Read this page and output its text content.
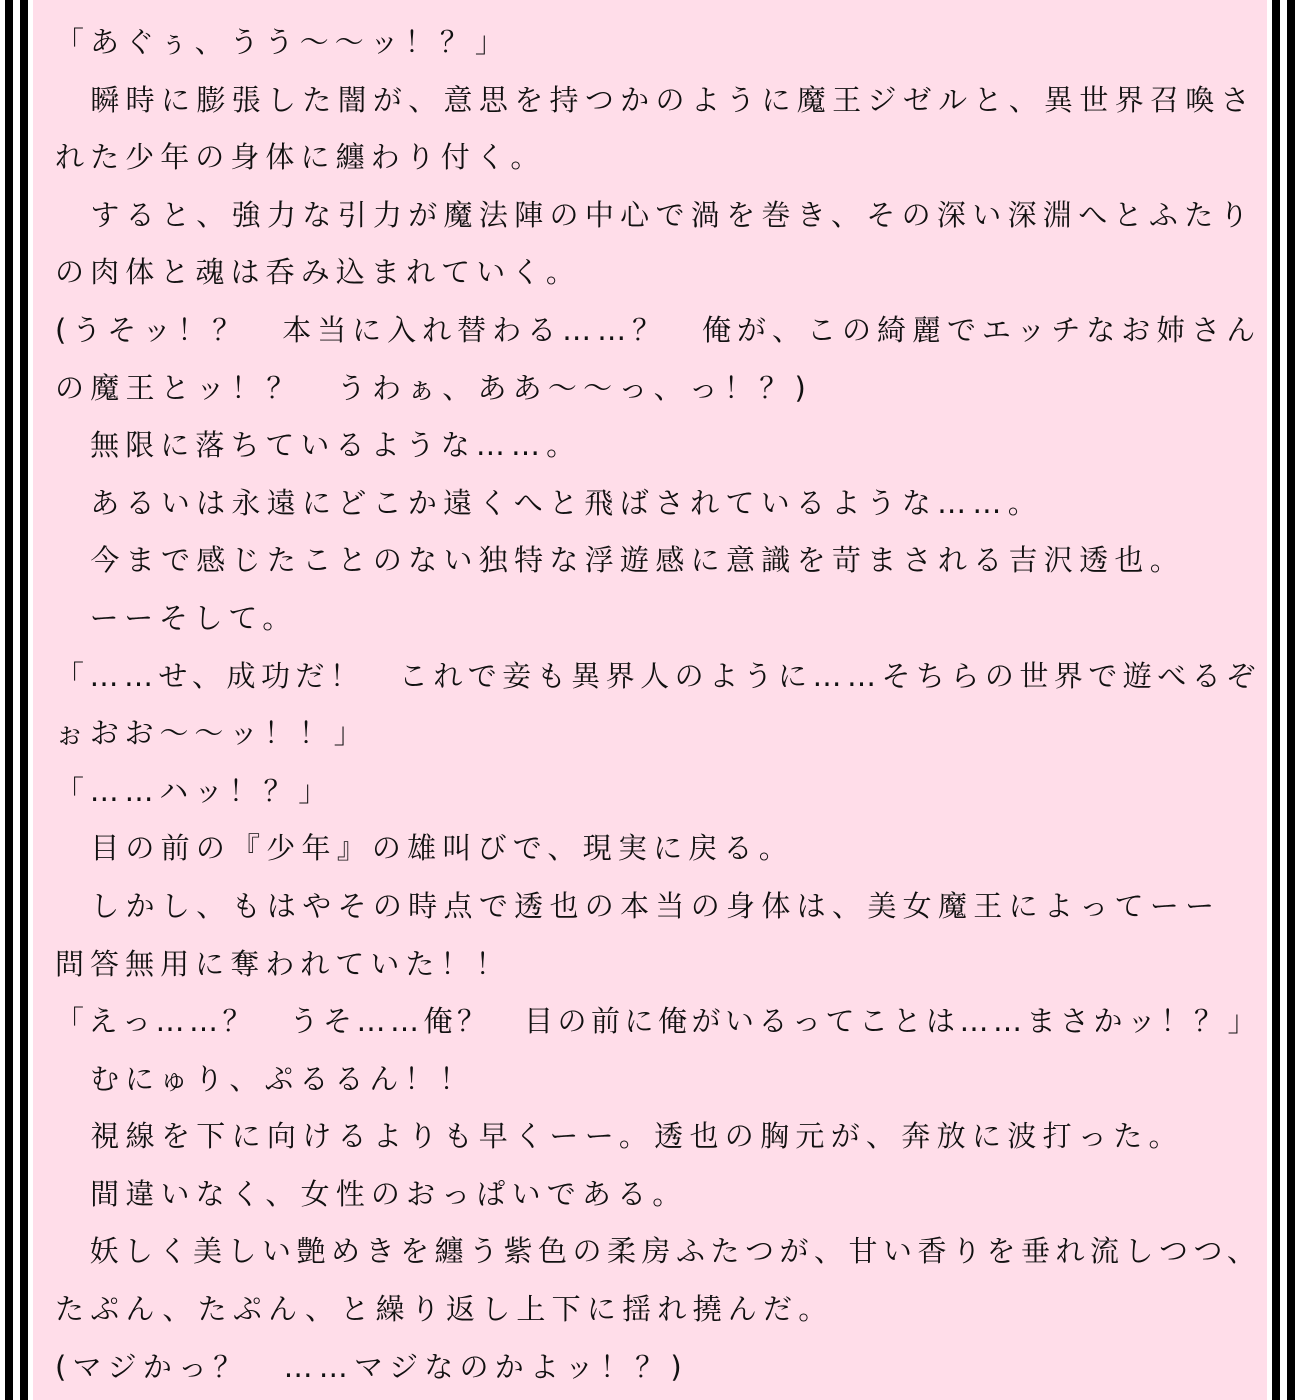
「あぐぅ、うう〜〜ッ！？」
　瞬時に膨張した闇が、意思を持つかのように魔王ジゼルと、異世界召喚さ
れた少年の身体に纏わり付く。
　すると、強力な引力が魔法陣の中心で渦を巻き、その深い深淵へとふたり
の肉体と魂は呑み込まれていく。
(うそッ！？　本当に入れ替わる……？　俺が、この綺麗でエッチなお姉さん
の魔王とッ！？　うわぁ、ああ〜〜っ、っ！？)
　無限に落ちているような……。
　あるいは永遠にどこか遠くへと飛ばされているような……。
　今まで感じたことのない独特な浮遊感に意識を苛まされる吉沢透也。
　ーーそして。
「……せ、成功だ！　これで妾も異界人のように……そちらの世界で遊べるぞ
ぉおお〜〜ッ！！」
「……ハッ！？」
　目の前の『少年』の雄叫びで、現実に戻る。
　しかし、もはやその時点で透也の本当の身体は、美女魔王によってーー
問答無用に奪われていた！！
「えっ……？　うそ……俺？　目の前に俺がいるってことは……まさかッ！？」
　むにゅり、ぷるるん！！
　視線を下に向けるよりも早くーー。透也の胸元が、奔放に波打った。
　間違いなく、女性のおっぱいである。
　妖しく美しい艶めきを纏う紫色の柔房ふたつが、甘い香りを垂れ流しつつ、
たぷん、たぷん、と繰り返し上下に揺れ撓んだ。
(マジかっ？　……マジなのかよッ！？)
